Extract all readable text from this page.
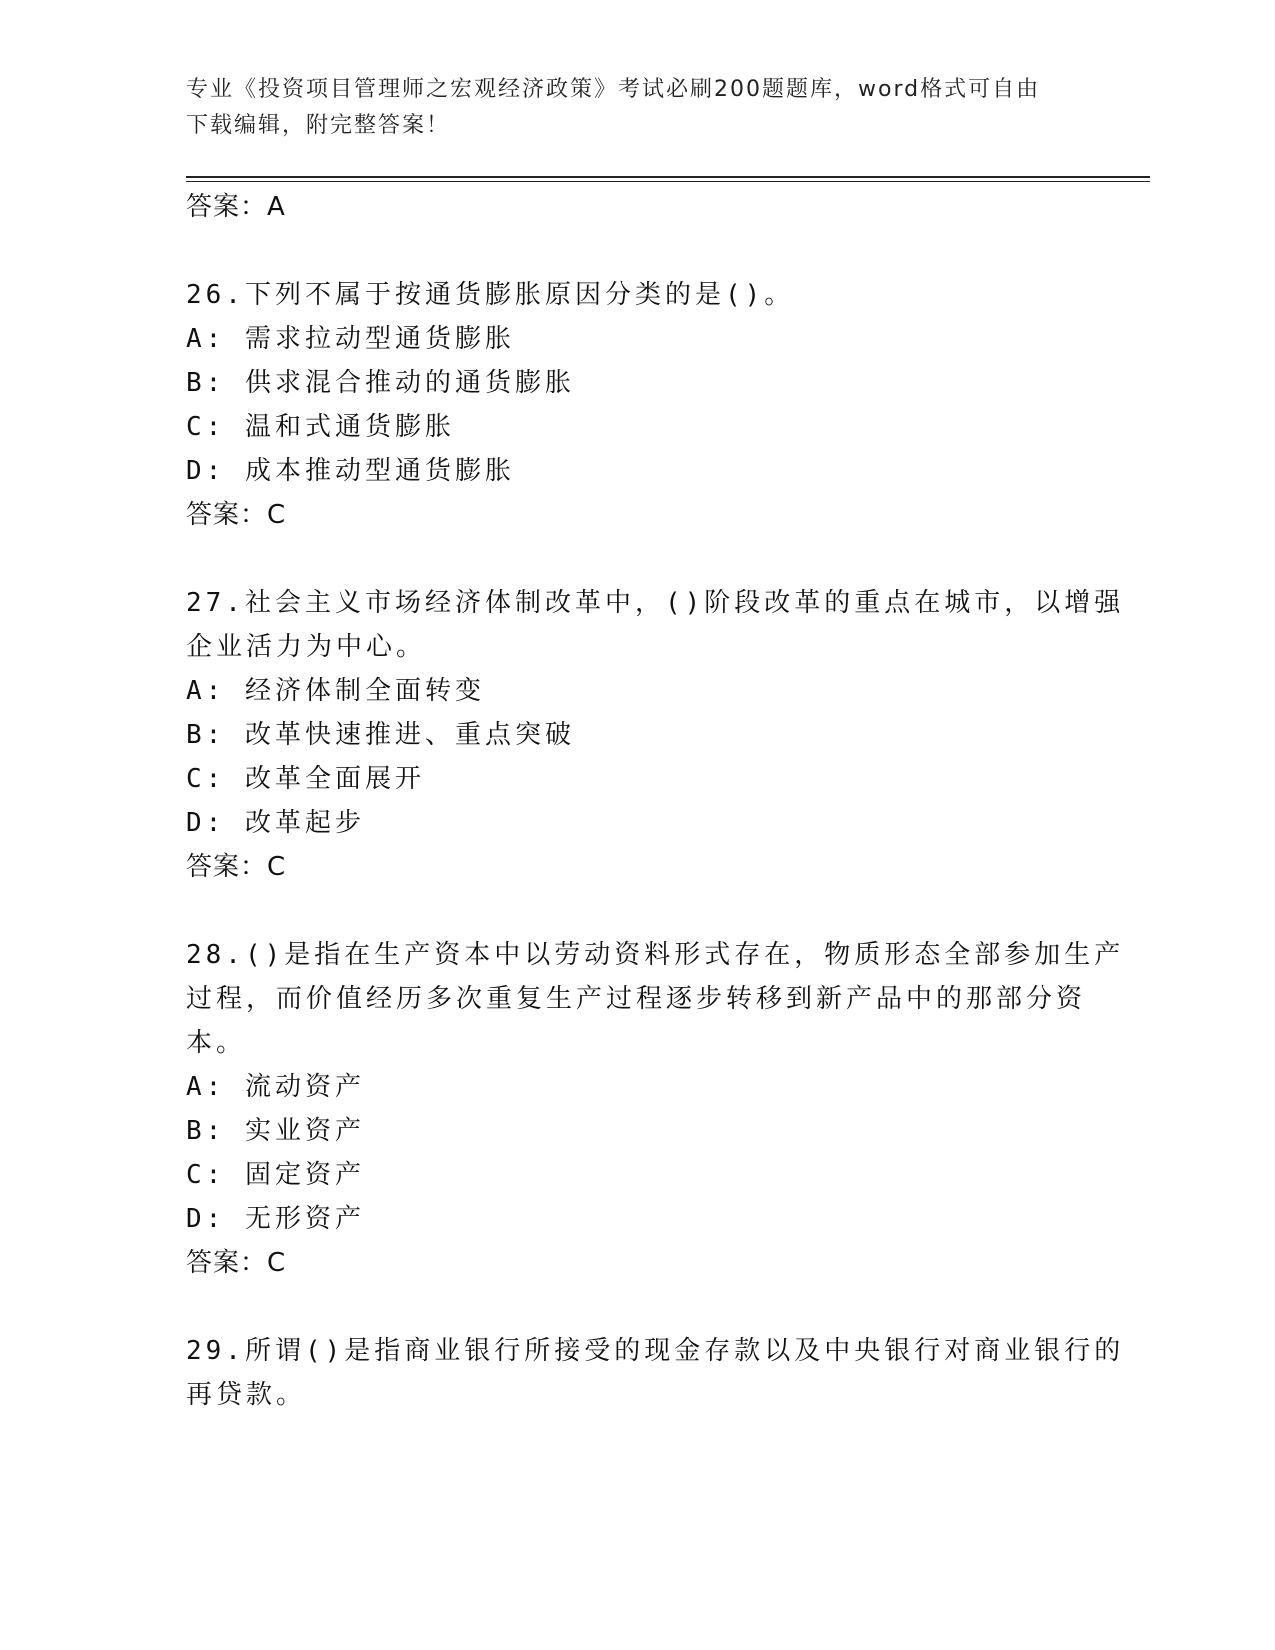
专业《投资项目管理师之宏观经济政策》考试必刷200题题库，word格式可自由
下载编辑，附完整答案！
答案：A
26.下列不属于按通货膨胀原因分类的是()。
A: 需求拉动型通货膨胀
B: 供求混合推动的通货膨胀
C: 温和式通货膨胀
D: 成本推动型通货膨胀
答案：C
27.社会主义市场经济体制改革中，()阶段改革的重点在城市，以增强
企业活力为中心。
A: 经济体制全面转变
B: 改革快速推进、重点突破
C: 改革全面展开
D: 改革起步
答案：C
28.()是指在生产资本中以劳动资料形式存在，物质形态全部参加生产
过程，而价值经历多次重复生产过程逐步转移到新产品中的那部分资
本。
A: 流动资产
B: 实业资产
C: 固定资产
D: 无形资产
答案：C
29.所谓()是指商业银行所接受的现金存款以及中央银行对商业银行的
再贷款。
